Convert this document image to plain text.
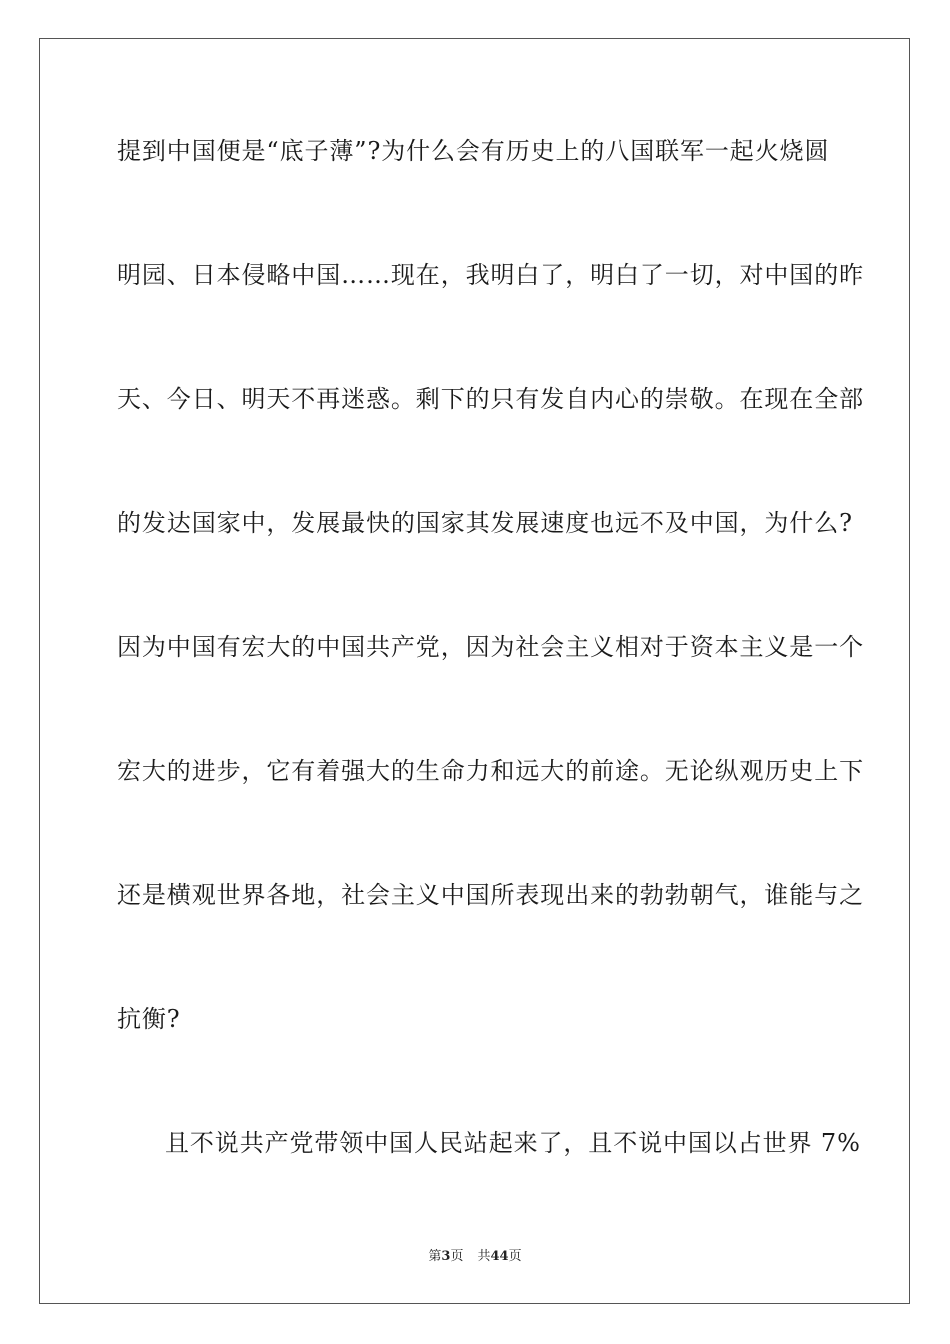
提到中国便是“底子薄”?为什么会有历史上的八国联军一起火烧圆
明园、日本侵略中国……现在，我明白了，明白了一切，对中国的昨
天、今日、明天不再迷惑。剩下的只有发自内心的崇敬。在现在全部
的发达国家中，发展最快的国家其发展速度也远不及中国，为什么?
因为中国有宏大的中国共产党，因为社会主义相对于资本主义是一个
宏大的进步，它有着强大的生命力和远大的前途。无论纵观历史上下
还是横观世界各地，社会主义中国所表现出来的勃勃朝气，谁能与之
抗衡?
且不说共产党带领中国人民站起来了，且不说中国以占世界 7%
第3页 共44页
